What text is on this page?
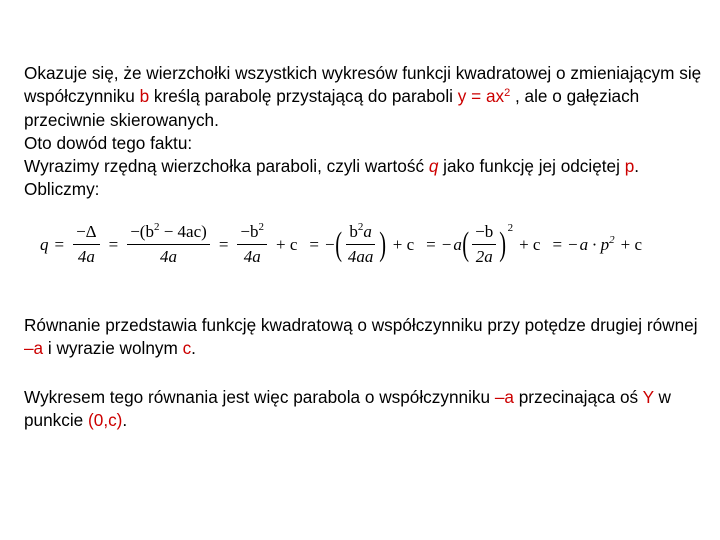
Okazuje się, że wierzchołki wszystkich wykresów funkcji kwadratowej o zmieniającym się współczynniku b kreślą parabolę przystającą do paraboli $y = ax^2$ , ale o gałęziach przeciwnie skierowanych.
Oto dowód tego faktu:
Wyrazimy rzędną wierzchołka paraboli, czyli wartość q jako funkcję jej odciętej p. Obliczmy:

$q = \frac{-\Delta}{4a} = \frac{-(b^2 - 4ac)}{4a} = \frac{-b^2}{4a} + c$ = − ( $\frac{b^2a}{4aa}$ ) + c = − a ( $\frac{-b}{2a}$ ) 2
+ c = − $a \cdot p^2 + c$

Równanie przedstawia funkcję kwadratową o współczynniku przy potędze drugiej równej –a i wyrazie wolnym c.

Wykresem tego równania jest więc parabola o współczynniku –a przecinająca oś Y w punkcie (0,c).
